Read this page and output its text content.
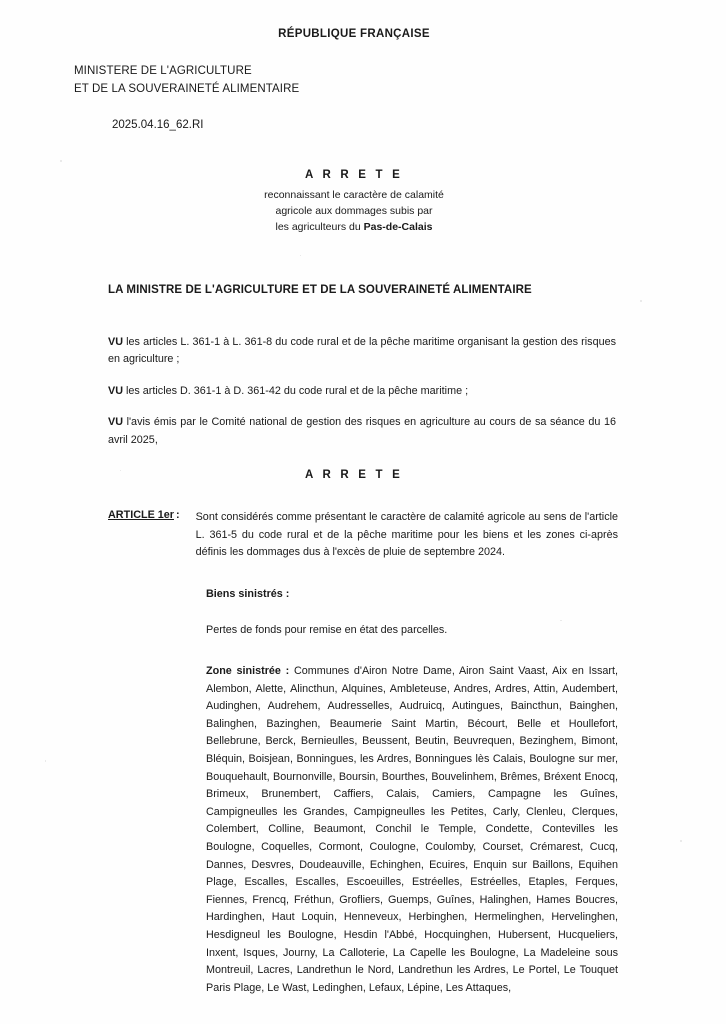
RÉPUBLIQUE FRANÇAISE
MINISTERE DE L'AGRICULTURE
ET DE LA SOUVERAINETÉ ALIMENTAIRE
2025.04.16_62.RI
A R R E T E
reconnaissant le caractère de calamité
agricole aux dommages subis par
les agriculteurs du Pas-de-Calais
LA MINISTRE DE L'AGRICULTURE ET DE LA SOUVERAINETÉ ALIMENTAIRE
VU les articles L. 361-1 à L. 361-8 du code rural et de la pêche maritime organisant la gestion des risques en agriculture ;
VU les articles D. 361-1 à D. 361-42 du code rural et de la pêche maritime ;
VU l'avis émis par le Comité national de gestion des risques en agriculture au cours de sa séance du 16 avril 2025,
A R R E T E
ARTICLE 1er : Sont considérés comme présentant le caractère de calamité agricole au sens de l'article L. 361-5 du code rural et de la pêche maritime pour les biens et les zones ci-après définis les dommages dus à l'excès de pluie de septembre 2024.
Biens sinistrés :
Pertes de fonds pour remise en état des parcelles.
Zone sinistrée : Communes d'Airon Notre Dame, Airon Saint Vaast, Aix en Issart, Alembon, Alette, Alincthun, Alquines, Ambleteuse, Andres, Ardres, Attin, Audembert, Audinghen, Audrehem, Audresselles, Audruicq, Autingues, Baincthun, Bainghen, Balinghen, Bazinghen, Beaumerie Saint Martin, Bécourt, Belle et Houllefort, Bellebrune, Berck, Bernieulles, Beussent, Beutin, Beuvrequen, Bezinghem, Bimont, Bléquin, Boisjean, Bonningues, les Ardres, Bonningues lès Calais, Boulogne sur mer, Bouquehault, Bournonville, Boursin, Bourthes, Bouvelinhem, Brêmes, Bréxent Enocq, Brimeux, Brunembert, Caffiers, Calais, Camiers, Campagne les Guînes, Campigneulles les Grandes, Campigneulles les Petites, Carly, Clenleu, Clerques, Colembert, Colline, Beaumont, Conchil le Temple, Condette, Contevilles les Boulogne, Coquelles, Cormont, Coulogne, Coulomby, Courset, Crémarest, Cucq, Dannes, Desvres, Doudeauville, Echinghen, Ecuires, Enquin sur Baillons, Equihen Plage, Escalles, Escalles, Escoeuilles, Estréelles, Estréelles, Etaples, Ferques, Fiennes, Frencq, Fréthun, Grofliers, Guemps, Guînes, Halinghen, Hames Boucres, Hardinghen, Haut Loquin, Henneveux, Herbinghen, Hermelinghen, Hervelinghen, Hesdigneul les Boulogne, Hesdin l'Abbé, Hocquinghen, Hubersent, Hucqueliers, Inxent, Isques, Journy, La Calloterie, La Capelle les Boulogne, La Madeleine sous Montreuil, Lacres, Landrethun le Nord, Landrethun les Ardres, Le Portel, Le Touquet Paris Plage, Le Wast, Ledinghen, Lefaux, Lépine, Les Attaques,
